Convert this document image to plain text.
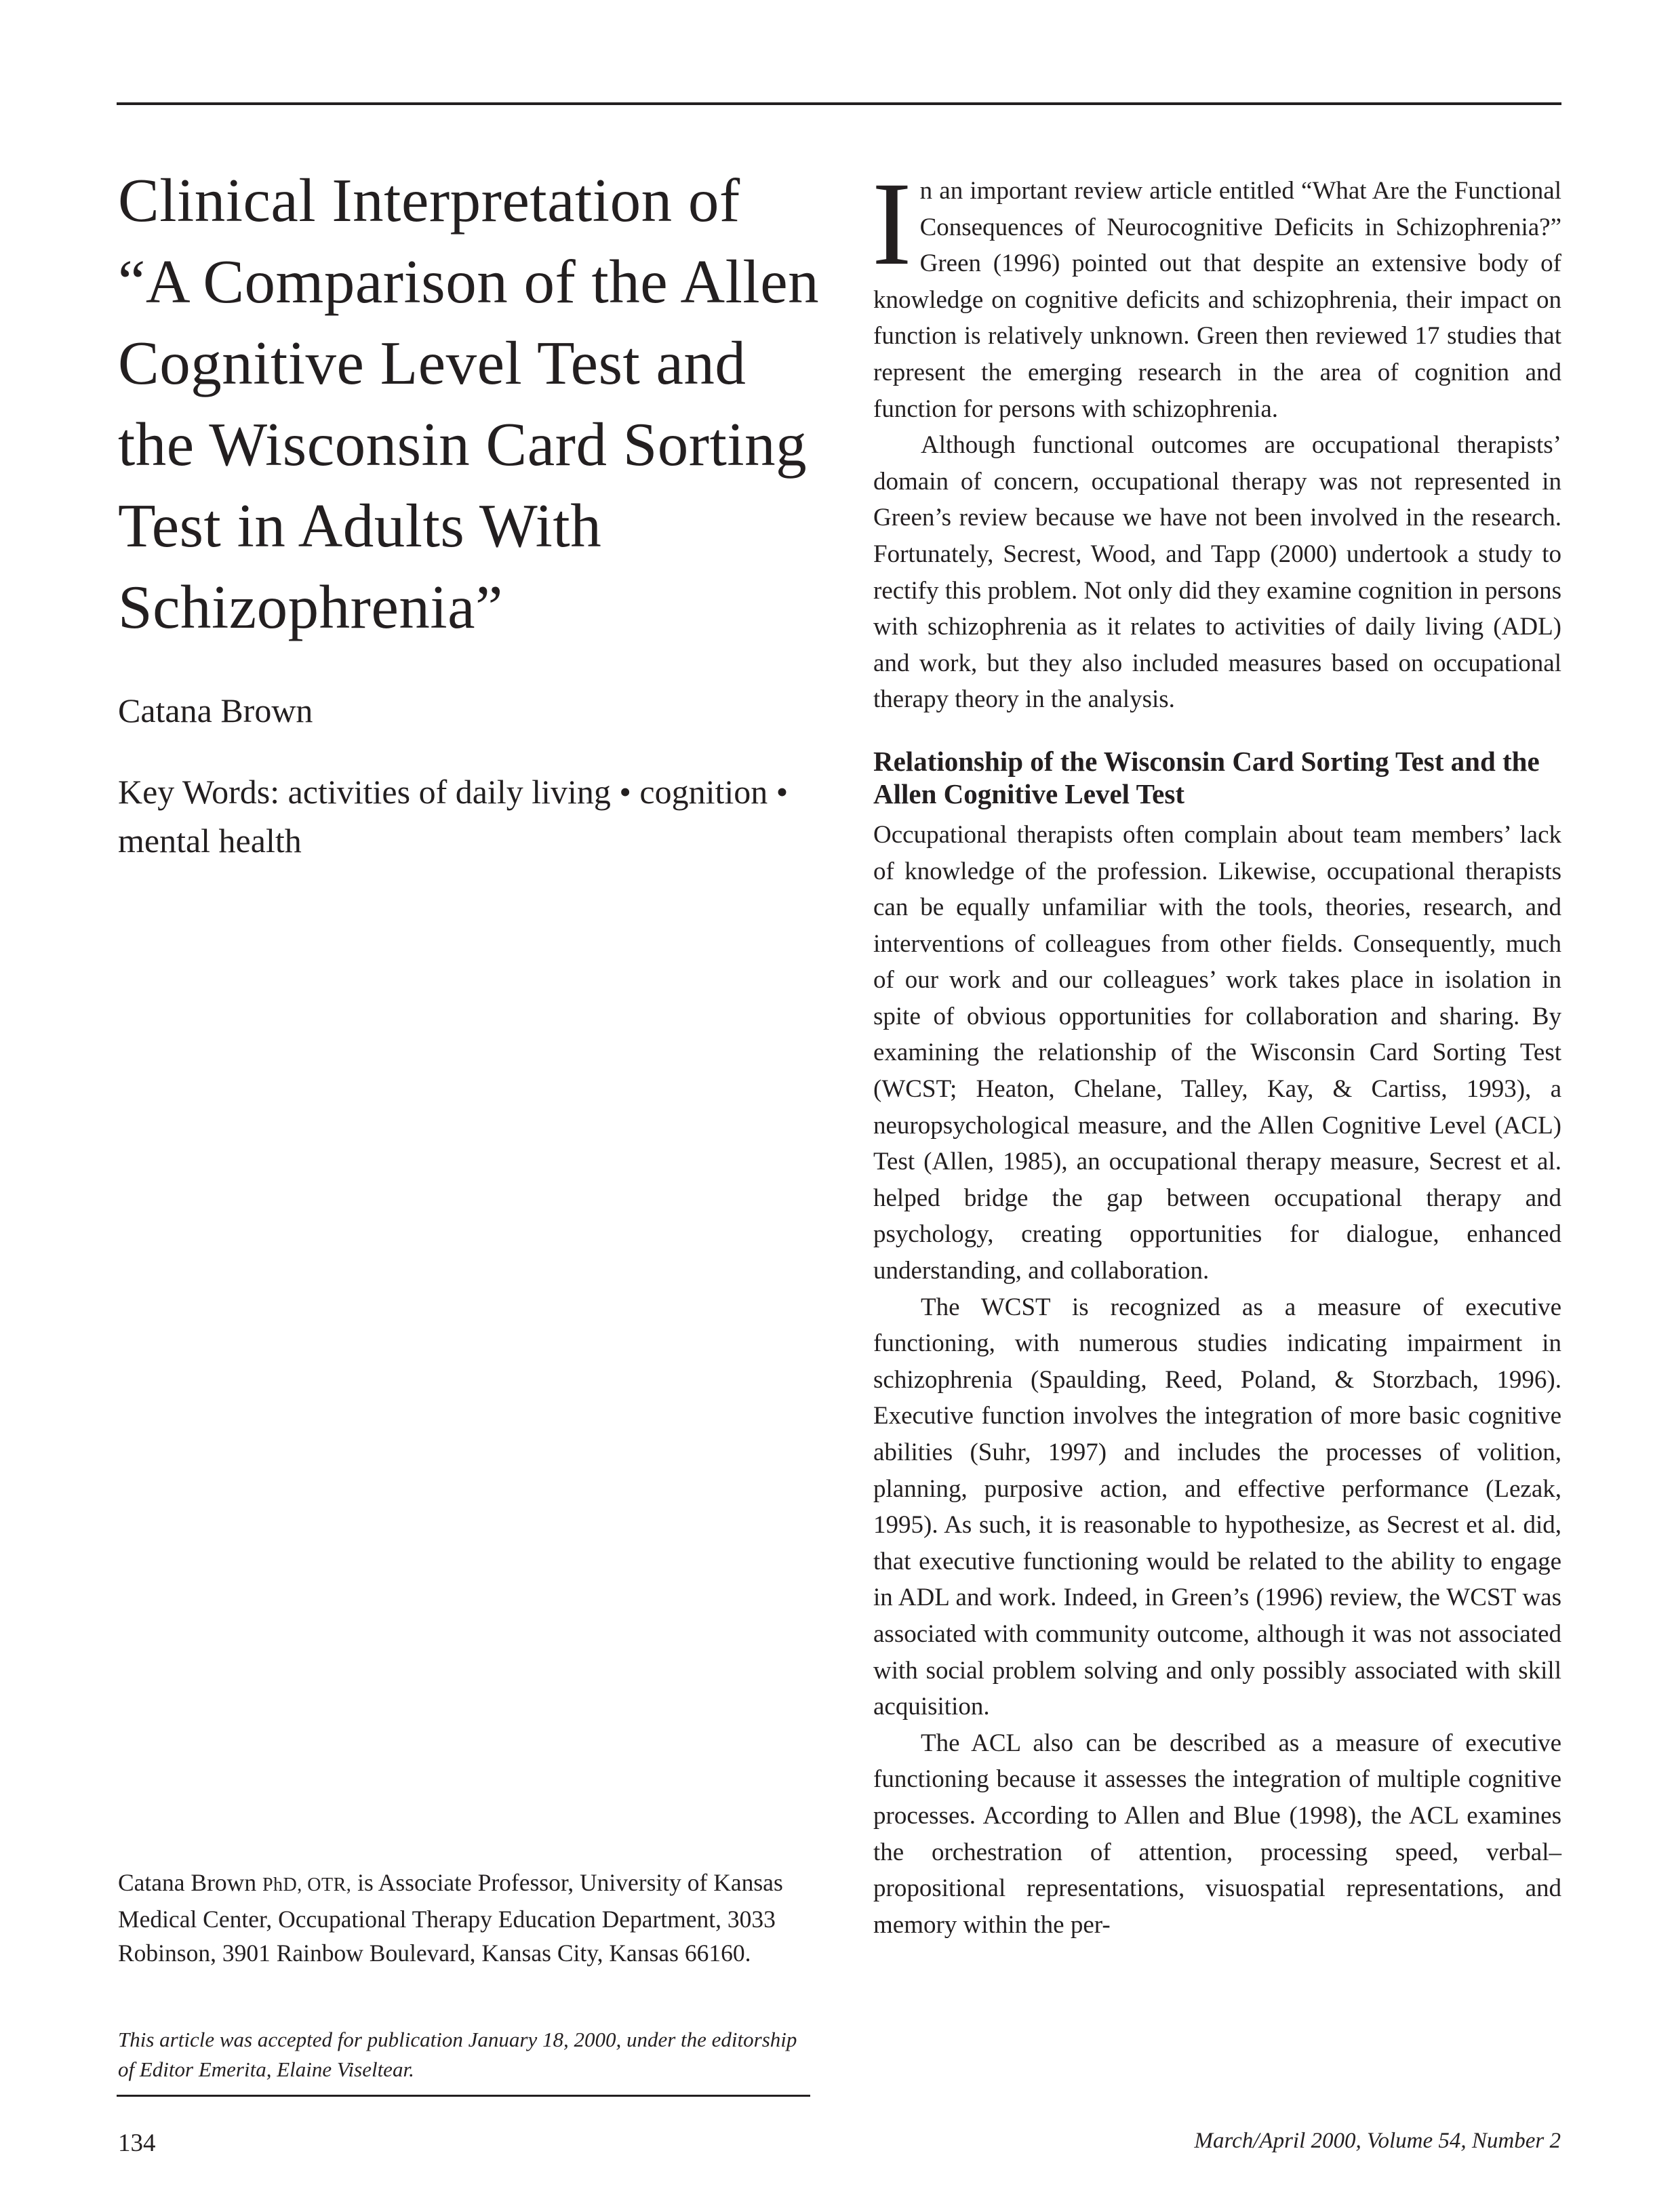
Clinical Interpretation of “A Comparison of the Allen Cognitive Level Test and the Wisconsin Card Sorting Test in Adults With Schizophrenia”
Catana Brown
Key Words: activities of daily living • cognition • mental health
Catana Brown PhD, OTR, is Associate Professor, University of Kansas Medical Center, Occupational Therapy Education Department, 3033 Robinson, 3901 Rainbow Boulevard, Kansas City, Kansas 66160.
This article was accepted for publication January 18, 2000, under the editorship of Editor Emerita, Elaine Viseltear.

In an important review article entitled “What Are the Functional Consequences of Neurocognitive Deficits in Schizophrenia?” Green (1996) pointed out that despite an extensive body of knowledge on cognitive deficits and schizophrenia, their impact on function is relatively unknown. Green then reviewed 17 studies that represent the emerging research in the area of cognition and function for persons with schizophrenia.

Although functional outcomes are occupational therapists’ domain of concern, occupational therapy was not represented in Green’s review because we have not been involved in the research. Fortunately, Secrest, Wood, and Tapp (2000) undertook a study to rectify this problem. Not only did they examine cognition in persons with schizophrenia as it relates to activities of daily living (ADL) and work, but they also included measures based on occupational therapy theory in the analysis.

Relationship of the Wisconsin Card Sorting Test and the Allen Cognitive Level Test

Occupational therapists often complain about team members’ lack of knowledge of the profession. Likewise, occupational therapists can be equally unfamiliar with the tools, theories, research, and interventions of colleagues from other fields. Consequently, much of our work and our colleagues’ work takes place in isolation in spite of obvious opportunities for collaboration and sharing. By examining the relationship of the Wisconsin Card Sorting Test (WCST; Heaton, Chelane, Talley, Kay, & Cartiss, 1993), a neuropsychological measure, and the Allen Cognitive Level (ACL) Test (Allen, 1985), an occupational therapy measure, Secrest et al. helped bridge the gap between occupational therapy and psychology, creating opportunities for dialogue, enhanced understanding, and collaboration.

The WCST is recognized as a measure of executive functioning, with numerous studies indicating impairment in schizophrenia (Spaulding, Reed, Poland, & Storzbach, 1996). Executive function involves the integration of more basic cognitive abilities (Suhr, 1997) and includes the processes of volition, planning, purposive action, and effective performance (Lezak, 1995). As such, it is reasonable to hypothesize, as Secrest et al. did, that executive functioning would be related to the ability to engage in ADL and work. Indeed, in Green’s (1996) review, the WCST was associated with community outcome, although it was not associated with social problem solving and only possibly associated with skill acquisition.

The ACL also can be described as a measure of executive functioning because it assesses the integration of multiple cognitive processes. According to Allen and Blue (1998), the ACL examines the orchestration of attention, processing speed, verbal–propositional representations, visuospatial representations, and memory within the per-

134	March/April 2000, Volume 54, Number 2
